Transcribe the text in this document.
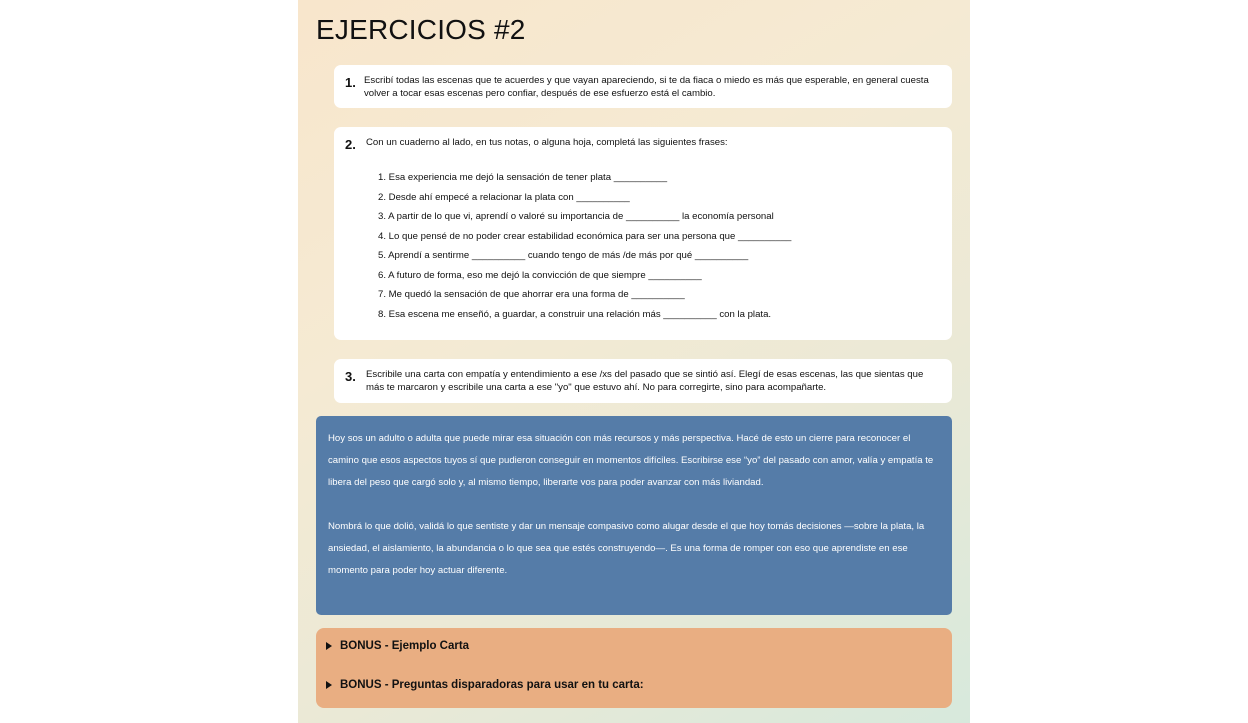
EJERCICIOS #2
1. Escribí todas las escenas que te acuerdes y que vayan apareciendo, si te da fiaca o miedo es más que esperable, en general cuesta volver a tocar esas escenas pero confiar, después de ese esfuerzo está el cambio.
2. Con un cuaderno al lado, en tus notas, o alguna hoja, completá las siguientes frases:
1. Esa experiencia me dejó la sensación de tener plata __________
2. Desde ahí empecé a relacionar la plata con __________
3. A partir de lo que vi, aprendí o valoré su importancia de __________ la economía personal
4. Lo que pensé de no poder crear estabilidad económica para ser una persona que __________
5. Aprendí a sentirme __________ cuando tengo de más /de más por qué __________
6. A futuro de forma, eso me dejó la convicción de que siempre __________
7. Me quedó la sensación de que ahorrar era una forma de __________
8. Esa escena me enseñó, a guardar, a construir una relación más __________ con la plata.
3. Escribile una carta con empatía y entendimiento a ese /xs del pasado que se sintió así. Elegí de esas escenas, las que sientas que más te marcaron y escribile una carta a ese "yo" que estuvo ahí. No para corregirte, sino para acompañarte.

Hoy sos un adulto o adulta que puede mirar esa situación con más recursos y más perspectiva. Hacé de esto un cierre para reconocer el camino que esos aspectos tuyos sí que pudieron conseguir en momentos difíciles. Escribirse ese “yo” del pasado con amor, valía y empatía te libera del peso que cargó solo y, al mismo tiempo, liberarte vos para poder avanzar con más liviandad.

Nombrá lo que dolió, validá lo que sentiste y dar un mensaje compasivo como alugar desde el que hoy tomás decisiones —sobre la plata, la ansiedad, el aislamiento, la abundancia o lo que sea que estés construyendo—. Es una forma de romper con eso que aprendiste en ese momento para poder hoy actuar diferente.

BONUS - Ejemplo Carta
BONUS - Preguntas disparadoras para usar en tu carta:
